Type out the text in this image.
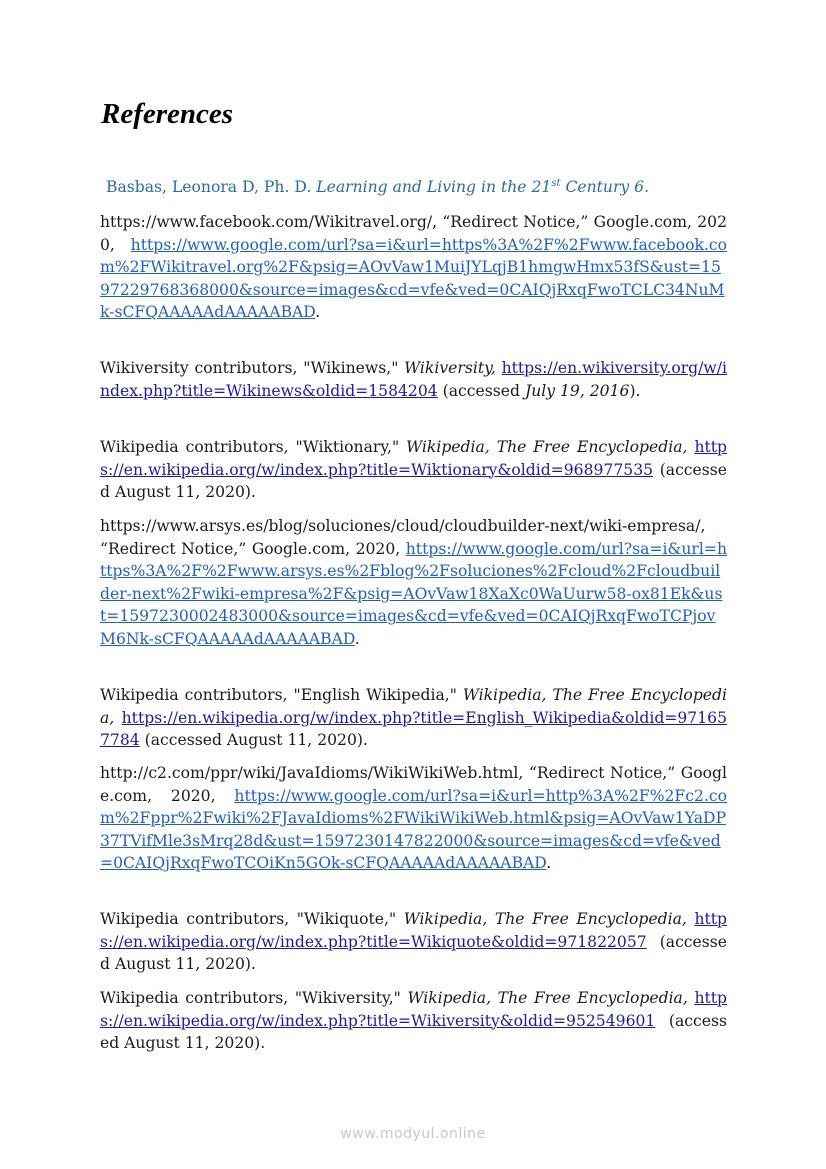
References

Basbas, Leonora D, Ph. D. Learning and Living in the 21st Century 6.

https://www.facebook.com/Wikitravel.org/, “Redirect Notice,” Google.com, 2020, https://www.google.com/url?sa=i&url=https%3A%2F%2Fwww.facebook.com%2FWikitravel.org%2F&psig=AOvVaw1MuiJYLqjB1hmgwHmx53fS&ust=1597229768368000&source=images&cd=vfe&ved=0CAIQjRxqFwoTCLC34NuMk-sCFQAAAAAdAAAAABAD.

Wikiversity contributors, "Wikinews," Wikiversity, https://en.wikiversity.org/w/index.php?title=Wikinews&oldid=1584204 (accessed July 19, 2016).

Wikipedia contributors, "Wiktionary," Wikipedia, The Free Encyclopedia, https://en.wikipedia.org/w/index.php?title=Wiktionary&oldid=968977535 (accessed August 11, 2020).

https://www.arsys.es/blog/soluciones/cloud/cloudbuilder-next/wiki-empresa/, “Redirect Notice,” Google.com, 2020, https://www.google.com/url?sa=i&url=https%3A%2F%2Fwww.arsys.es%2Fblog%2Fsoluciones%2Fcloud%2Fcloudbuilder-next%2Fwiki-empresa%2F&psig=AOvVaw18XaXc0WaUurw58-ox81Ek&ust=1597230002483000&source=images&cd=vfe&ved=0CAIQjRxqFwoTCPjovM6Nk-sCFQAAAAAdAAAAABAD.

Wikipedia contributors, "English Wikipedia," Wikipedia, The Free Encyclopedia, https://en.wikipedia.org/w/index.php?title=English_Wikipedia&oldid=971657784 (accessed August 11, 2020).

http://c2.com/ppr/wiki/JavaIdioms/WikiWikiWeb.html, “Redirect Notice,” Google.com, 2020, https://www.google.com/url?sa=i&url=http%3A%2F%2Fc2.com%2Fppr%2Fwiki%2FJavaIdioms%2FWikiWikiWeb.html&psig=AOvVaw1YaDP37TVifMle3sMrq28d&ust=1597230147822000&source=images&cd=vfe&ved=0CAIQjRxqFwoTCOiKn5GOk-sCFQAAAAAdAAAAABAD.

Wikipedia contributors, "Wikiquote," Wikipedia, The Free Encyclopedia, https://en.wikipedia.org/w/index.php?title=Wikiquote&oldid=971822057 (accessed August 11, 2020).

Wikipedia contributors, "Wikiversity," Wikipedia, The Free Encyclopedia, https://en.wikipedia.org/w/index.php?title=Wikiversity&oldid=952549601 (accessed August 11, 2020).

www.modyul.online
